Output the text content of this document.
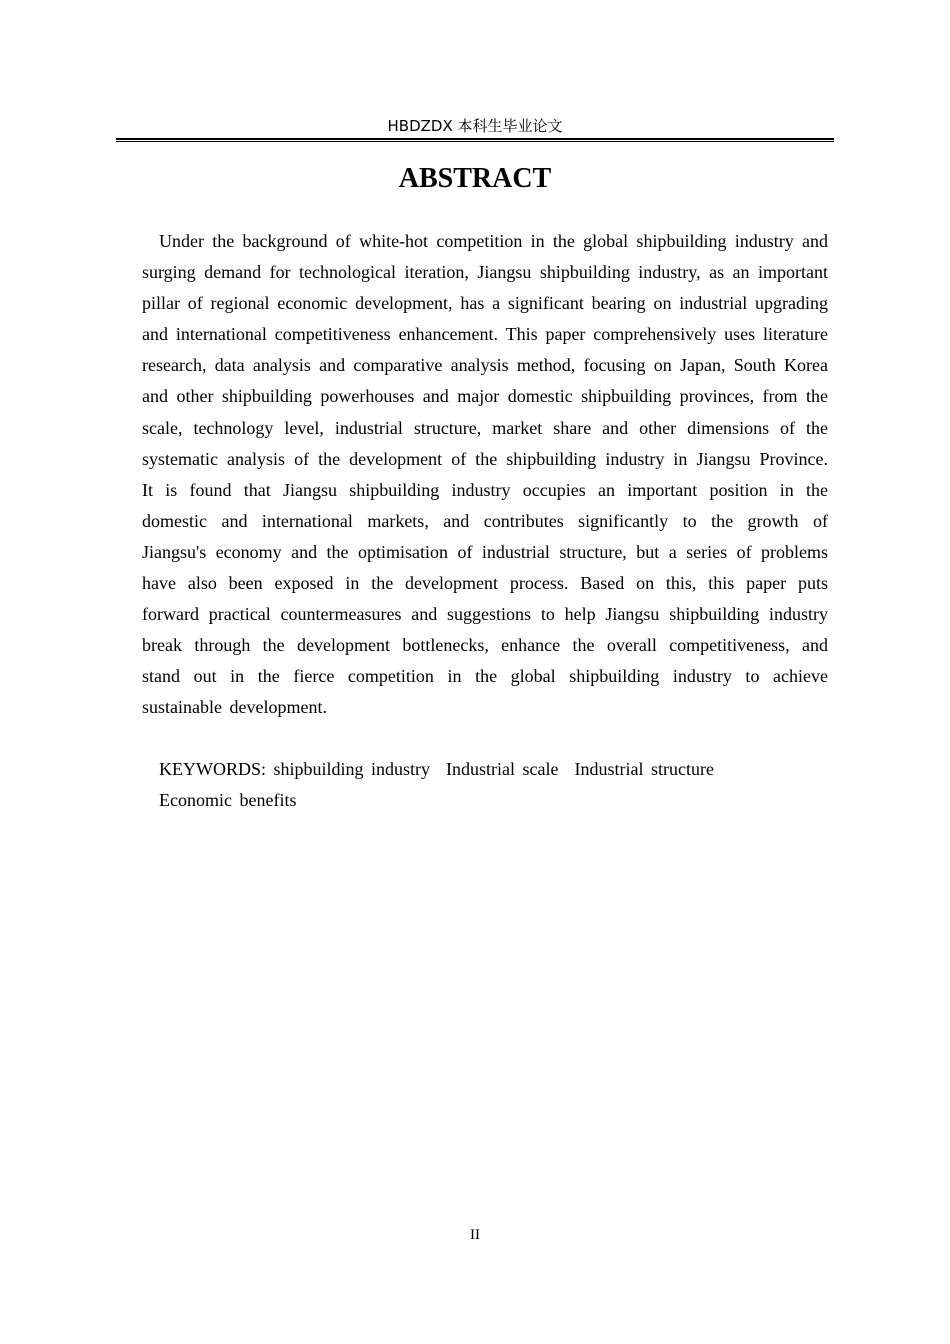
HBDZDX 本科生毕业论文
ABSTRACT

Under the background of white-hot competition in the global shipbuilding industry and surging demand for technological iteration, Jiangsu shipbuilding industry, as an important pillar of regional economic development, has a significant bearing on industrial upgrading and international competitiveness enhancement. This paper comprehensively uses literature research, data analysis and comparative analysis method, focusing on Japan, South Korea and other shipbuilding powerhouses and major domestic shipbuilding provinces, from the scale, technology level, industrial structure, market share and other dimensions of the systematic analysis of the development of the shipbuilding industry in Jiangsu Province. It is found that Jiangsu shipbuilding industry occupies an important position in the domestic and international markets, and contributes significantly to the growth of Jiangsu's economy and the optimisation of industrial structure, but a series of problems have also been exposed in the development process. Based on this, this paper puts forward practical countermeasures and suggestions to help Jiangsu shipbuilding industry break through the development bottlenecks, enhance the overall competitiveness, and stand out in the fierce competition in the global shipbuilding industry to achieve sustainable development.

KEYWORDS: shipbuilding industry Industrial scale Industrial structure
Economic benefits

II
